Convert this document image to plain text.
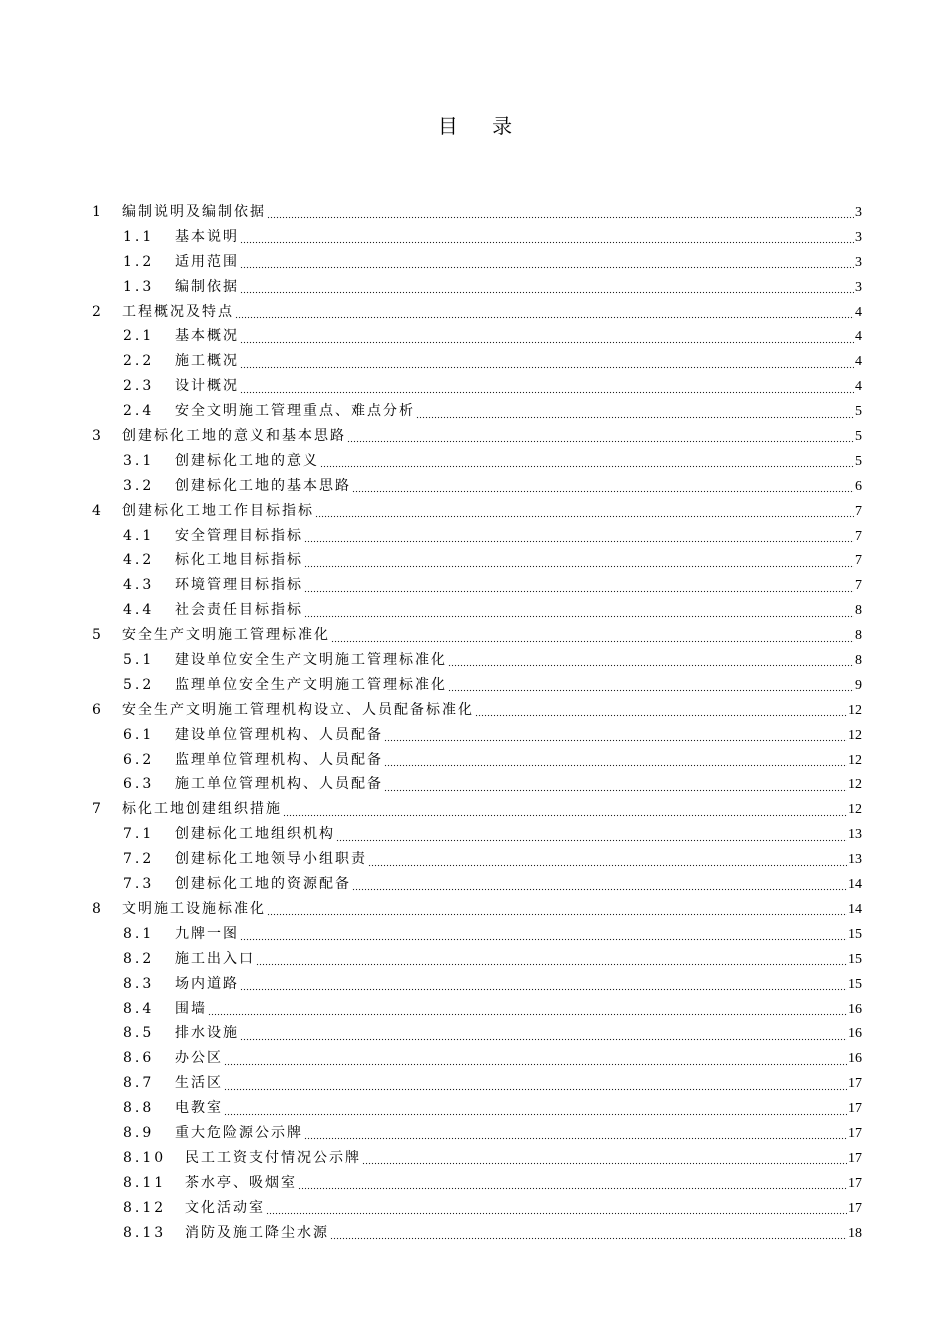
目 录
1	编制说明及编制依据	3
1.1	基本说明	3
1.2	适用范围	3
1.3	编制依据	3
2	工程概况及特点	4
2.1	基本概况	4
2.2	施工概况	4
2.3	设计概况	4
2.4	安全文明施工管理重点、难点分析	5
3	创建标化工地的意义和基本思路	5
3.1	创建标化工地的意义	5
3.2	创建标化工地的基本思路	6
4	创建标化工地工作目标指标	7
4.1	安全管理目标指标	7
4.2	标化工地目标指标	7
4.3	环境管理目标指标	7
4.4	社会责任目标指标	8
5	安全生产文明施工管理标准化	8
5.1	建设单位安全生产文明施工管理标准化	8
5.2	监理单位安全生产文明施工管理标准化	9
6	安全生产文明施工管理机构设立、人员配备标准化	12
6.1	建设单位管理机构、人员配备	12
6.2	监理单位管理机构、人员配备	12
6.3	施工单位管理机构、人员配备	12
7	标化工地创建组织措施	12
7.1	创建标化工地组织机构	13
7.2	创建标化工地领导小组职责	13
7.3	创建标化工地的资源配备	14
8	文明施工设施标准化	14
8.1	九牌一图	15
8.2	施工出入口	15
8.3	场内道路	15
8.4	围墙	16
8.5	排水设施	16
8.6	办公区	16
8.7	生活区	17
8.8	电教室	17
8.9	重大危险源公示牌	17
8.10	民工工资支付情况公示牌	17
8.11	茶水亭、吸烟室	17
8.12	文化活动室	17
8.13	消防及施工降尘水源	18
